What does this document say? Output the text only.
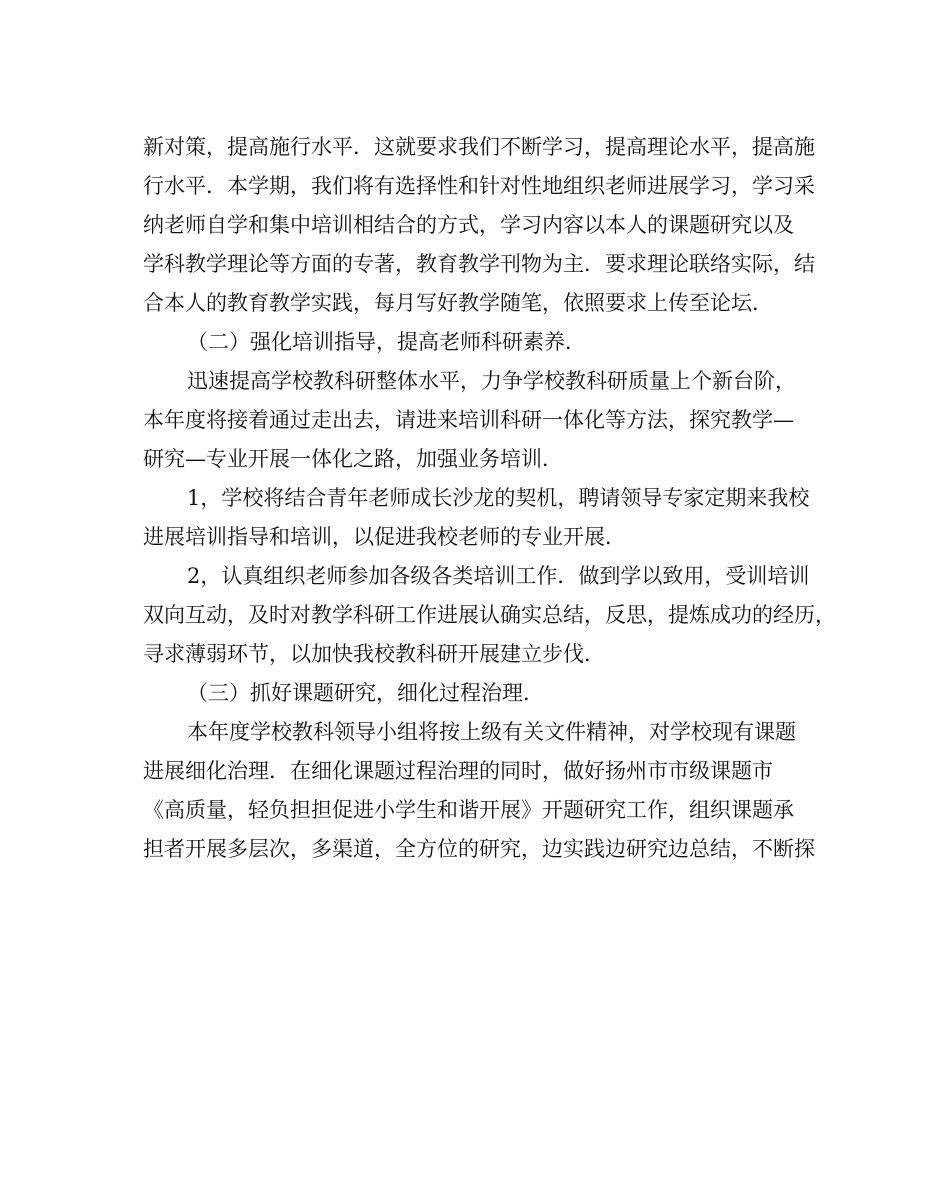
新对策，提高施行水平．这就要求我们不断学习，提高理论水平，提高施
行水平．本学期，我们将有选择性和针对性地组织老师进展学习，学习采
纳老师自学和集中培训相结合的方式，学习内容以本人的课题研究以及
学科教学理论等方面的专著，教育教学刊物为主．要求理论联络实际，结
合本人的教育教学实践，每月写好教学随笔，依照要求上传至论坛．
（二）强化培训指导，提高老师科研素养．
迅速提高学校教科研整体水平，力争学校教科研质量上个新台阶，
本年度将接着通过走出去，请进来培训科研一体化等方法，探究教学—
研究—专业开展一体化之路，加强业务培训．
1，学校将结合青年老师成长沙龙的契机，聘请领导专家定期来我校
进展培训指导和培训，以促进我校老师的专业开展．
2，认真组织老师参加各级各类培训工作．做到学以致用，受训培训
双向互动，及时对教学科研工作进展认确实总结，反思，提炼成功的经历，
寻求薄弱环节，以加快我校教科研开展建立步伐．
（三）抓好课题研究，细化过程治理．
本年度学校教科领导小组将按上级有关文件精神，对学校现有课题
进展细化治理．在细化课题过程治理的同时，做好扬州市市级课题市
《高质量，轻负担担促进小学生和谐开展》开题研究工作，组织课题承
担者开展多层次，多渠道，全方位的研究，边实践边研究边总结，不断探
